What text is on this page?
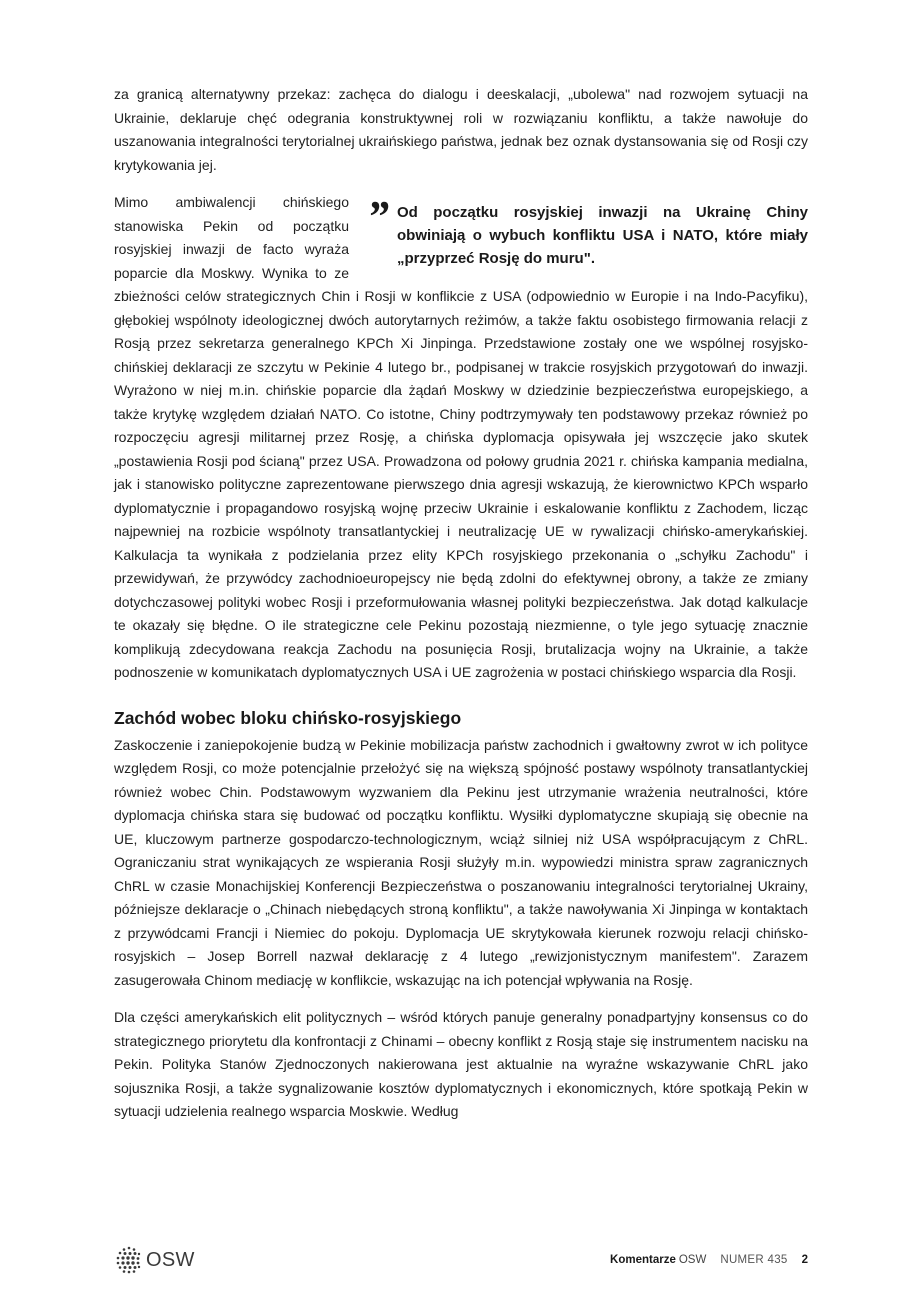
za granicą alternatywny przekaz: zachęca do dialogu i deeskalacji, „ubolewa" nad rozwojem sytuacji na Ukrainie, deklaruje chęć odegrania konstruktywnej roli w rozwiązaniu konfliktu, a także nawołuje do uszanowania integralności terytorialnej ukraińskiego państwa, jednak bez oznak dystansowania się od Rosji czy krytykowania jej.

” Od początku rosyjskiej inwazji na Ukrainę Chiny obwiniają o wybuch konfliktu USA i NATO, które miały „przyprzeć Rosję do muru".

Mimo ambiwalencji chińskiego stanowiska Pekin od początku rosyjskiej inwazji de facto wyraża poparcie dla Moskwy. Wynika to ze zbieżności celów strategicznych Chin i Rosji w konflikcie z USA (odpowiednio w Europie i na Indo-Pacyfiku), głębokiej wspólnoty ideologicznej dwóch autorytarnych reżimów, a także faktu osobistego firmowania relacji z Rosją przez sekretarza generalnego KPCh Xi Jinpinga. Przedstawione zostały one we wspólnej rosyjsko-chińskiej deklaracji ze szczytu w Pekinie 4 lutego br., podpisanej w trakcie rosyjskich przygotowań do inwazji. Wyrażono w niej m.in. chińskie poparcie dla żądań Moskwy w dziedzinie bezpieczeństwa europejskiego, a także krytykę względem działań NATO. Co istotne, Chiny podtrzymywały ten podstawowy przekaz również po rozpoczęciu agresji militarnej przez Rosję, a chińska dyplomacja opisywała jej wszczęcie jako skutek „postawienia Rosji pod ścianą" przez USA. Prowadzona od połowy grudnia 2021 r. chińska kampania medialna, jak i stanowisko polityczne zaprezentowane pierwszego dnia agresji wskazują, że kierownictwo KPCh wsparło dyplomatycznie i propagandowo rosyjską wojnę przeciw Ukrainie i eskalowanie konfliktu z Zachodem, licząc najpewniej na rozbicie wspólnoty transatlantyckiej i neutralizację UE w rywalizacji chińsko-amerykańskiej. Kalkulacja ta wynikała z podzielania przez elity KPCh rosyjskiego przekonania o „schyłku Zachodu" i przewidywań, że przywódcy zachodnioeuropejscy nie będą zdolni do efektywnej obrony, a także ze zmiany dotychczasowej polityki wobec Rosji i przeformułowania własnej polityki bezpieczeństwa. Jak dotąd kalkulacje te okazały się błędne. O ile strategiczne cele Pekinu pozostają niezmienne, o tyle jego sytuację znacznie komplikują zdecydowana reakcja Zachodu na posunięcia Rosji, brutalizacja wojny na Ukrainie, a także podnoszenie w komunikatach dyplomatycznych USA i UE zagrożenia w postaci chińskiego wsparcia dla Rosji.

Zachód wobec bloku chińsko-rosyjskiego

Zaskoczenie i zaniepokojenie budzą w Pekinie mobilizacja państw zachodnich i gwałtowny zwrot w ich polityce względem Rosji, co może potencjalnie przełożyć się na większą spójność postawy wspólnoty transatlantyckiej również wobec Chin. Podstawowym wyzwaniem dla Pekinu jest utrzymanie wrażenia neutralności, które dyplomacja chińska stara się budować od początku konfliktu. Wysiłki dyplomatyczne skupiają się obecnie na UE, kluczowym partnerze gospodarczo-technologicznym, wciąż silniej niż USA współpracującym z ChRL. Ograniczaniu strat wynikających ze wspierania Rosji służyły m.in. wypowiedzi ministra spraw zagranicznych ChRL w czasie Monachijskiej Konferencji Bezpieczeństwa o poszanowaniu integralności terytorialnej Ukrainy, późniejsze deklaracje o „Chinach niebędących stroną konfliktu", a także nawoływania Xi Jinpinga w kontaktach z przywódcami Francji i Niemiec do pokoju. Dyplomacja UE skrytykowała kierunek rozwoju relacji chińsko-rosyjskich – Josep Borrell nazwał deklarację z 4 lutego „rewizjonistycznym manifestem". Zarazem zasugerowała Chinom mediację w konflikcie, wskazując na ich potencjał wpływania na Rosję.

Dla części amerykańskich elit politycznych – wśród których panuje generalny ponadpartyjny konsensus co do strategicznego priorytetu dla konfrontacji z Chinami – obecny konflikt z Rosją staje się instrumentem nacisku na Pekin. Polityka Stanów Zjednoczonych nakierowana jest aktualnie na wyraźne wskazywanie ChRL jako sojusznika Rosji, a także sygnalizowanie kosztów dyplomatycznych i ekonomicznych, które spotkają Pekin w sytuacji udzielenia realnego wsparcia Moskwie. Według

OSW	Komentarze OSW NUMER 435 2
